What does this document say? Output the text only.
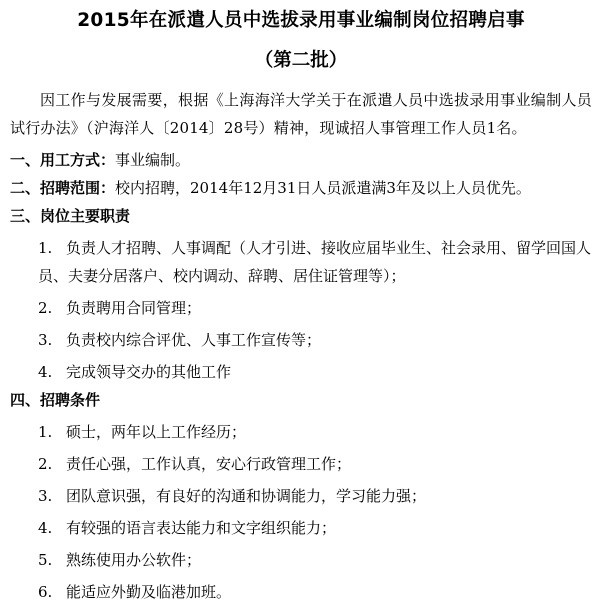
2015年在派遣人员中选拔录用事业编制岗位招聘启事
（第二批）

因工作与发展需要，根据《上海海洋大学关于在派遣人员中选拔录用事业编制人员试行办法》（沪海洋人〔2014〕28号）精神，现诚招人事管理工作人员1名。

一、用工方式：事业编制。

二、招聘范围：校内招聘，2014年12月31日人员派遣满3年及以上人员优先。

三、岗位主要职责

1. 负责人才招聘、人事调配（人才引进、接收应届毕业生、社会录用、留学回国人员、夫妻分居落户、校内调动、辞聘、居住证管理等）；

2. 负责聘用合同管理；

3. 负责校内综合评优、人事工作宣传等；

4. 完成领导交办的其他工作

四、招聘条件

1. 硕士，两年以上工作经历；

2. 责任心强，工作认真，安心行政管理工作；

3. 团队意识强，有良好的沟通和协调能力，学习能力强；

4. 有较强的语言表达能力和文字组织能力；

5. 熟练使用办公软件；

6. 能适应外勤及临港加班。
